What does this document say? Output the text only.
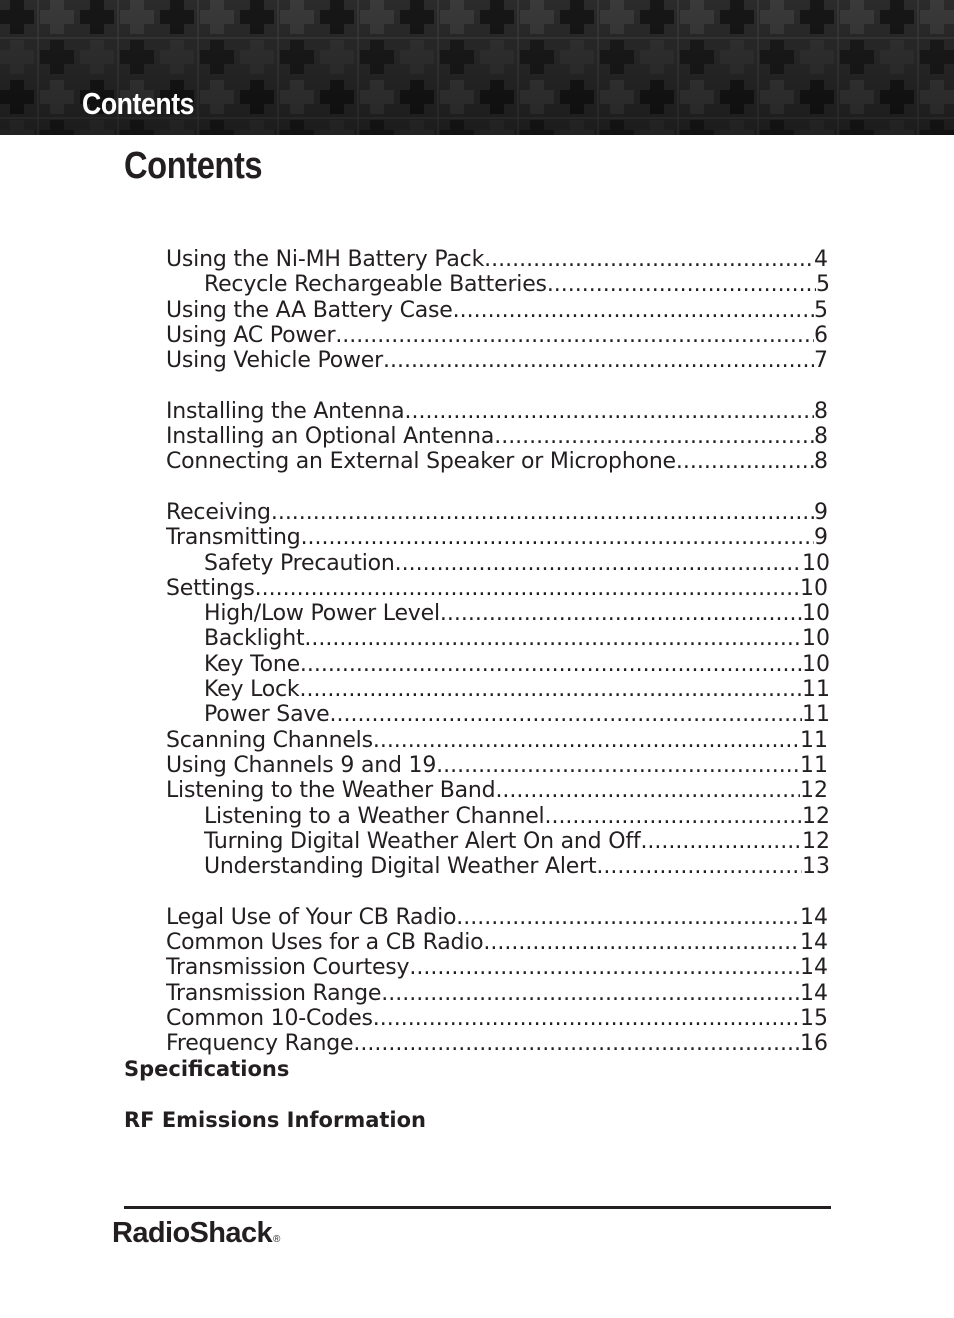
Contents
Contents
Using the Ni-MH Battery Pack .....	4
Recycle Rechargeable Batteries .....	5
Using the AA Battery Case .....	5
Using AC Power .....	6
Using Vehicle Power .....	7
Installing the Antenna .....	8
Installing an Optional Antenna .....	8
Connecting an External Speaker or Microphone .....	8
Receiving .....	9
Transmitting .....	9
Safety Precaution .....	10
Settings .....	10
High/Low Power Level .....	10
Backlight .....	10
Key Tone .....	10
Key Lock .....	11
Power Save .....	11
Scanning Channels .....	11
Using Channels 9 and 19 .....	11
Listening to the Weather Band .....	12
Listening to a Weather Channel .....	12
Turning Digital Weather Alert On and Off .....	12
Understanding Digital Weather Alert .....	13
Legal Use of Your CB Radio .....	14
Common Uses for a CB Radio .....	14
Transmission Courtesy .....	14
Transmission Range .....	14
Common 10-Codes .....	15
Frequency Range .....	16
Specifications
RF Emissions Information
RadioShack®
